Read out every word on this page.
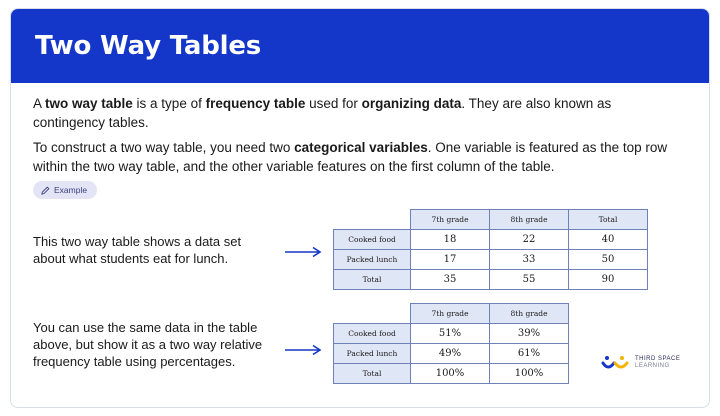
Two Way Tables
A two way table is a type of frequency table used for organizing data. They are also known as contingency tables.
To construct a two way table, you need two categorical variables. One variable is featured as the top row within the two way table, and the other variable features on the first column of the table.
Example
This two way table shows a data set about what students eat for lunch.
	7th grade	8th grade	Total
Cooked food	18	22	40
Packed lunch	17	33	50
Total	35	55	90
You can use the same data in the table above, but show it as a two way relative frequency table using percentages.
	7th grade	8th grade
Cooked food	51%	39%
Packed lunch	49%	61%
Total	100%	100%
THIRD SPACE
LEARNING
